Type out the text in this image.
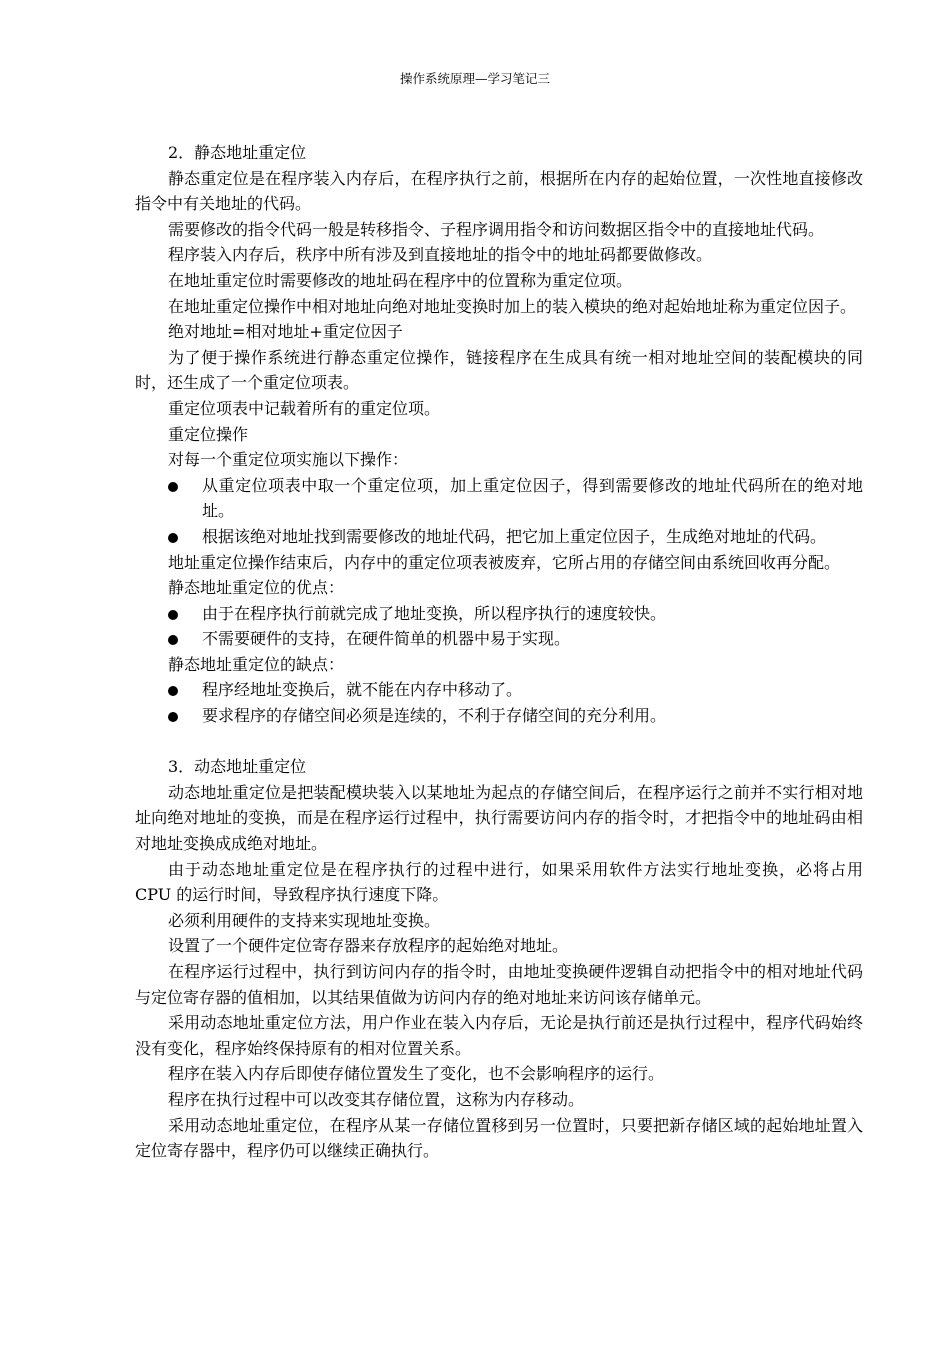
操作系统原理—学习笔记三

2．静态地址重定位

静态重定位是在程序装入内存后，在程序执行之前，根据所在内存的起始位置，一次性地直接修改指令中有关地址的代码。

需要修改的指令代码一般是转移指令、子程序调用指令和访问数据区指令中的直接地址代码。

程序装入内存后，秩序中所有涉及到直接地址的指令中的地址码都要做修改。

在地址重定位时需要修改的地址码在程序中的位置称为重定位项。

在地址重定位操作中相对地址向绝对地址变换时加上的装入模块的绝对起始地址称为重定位因子。

绝对地址=相对地址+重定位因子

为了便于操作系统进行静态重定位操作，链接程序在生成具有统一相对地址空间的装配模块的同时，还生成了一个重定位项表。

重定位项表中记载着所有的重定位项。

重定位操作

对每一个重定位项实施以下操作：

从重定位项表中取一个重定位项，加上重定位因子，得到需要修改的地址代码所在的绝对地址。

根据该绝对地址找到需要修改的地址代码，把它加上重定位因子，生成绝对地址的代码。

地址重定位操作结束后，内存中的重定位项表被废弃，它所占用的存储空间由系统回收再分配。

静态地址重定位的优点：

由于在程序执行前就完成了地址变换，所以程序执行的速度较快。

不需要硬件的支持，在硬件简单的机器中易于实现。

静态地址重定位的缺点：

程序经地址变换后，就不能在内存中移动了。

要求程序的存储空间必须是连续的，不利于存储空间的充分利用。

3．动态地址重定位

动态地址重定位是把装配模块装入以某地址为起点的存储空间后，在程序运行之前并不实行相对地址向绝对地址的变换，而是在程序运行过程中，执行需要访问内存的指令时，才把指令中的地址码由相对地址变换成成绝对地址。

由于动态地址重定位是在程序执行的过程中进行，如果采用软件方法实行地址变换，必将占用 CPU 的运行时间，导致程序执行速度下降。

必须利用硬件的支持来实现地址变换。

设置了一个硬件定位寄存器来存放程序的起始绝对地址。

在程序运行过程中，执行到访问内存的指令时，由地址变换硬件逻辑自动把指令中的相对地址代码与定位寄存器的值相加，以其结果值做为访问内存的绝对地址来访问该存储单元。

采用动态地址重定位方法，用户作业在装入内存后，无论是执行前还是执行过程中，程序代码始终没有变化，程序始终保持原有的相对位置关系。

程序在装入内存后即使存储位置发生了变化，也不会影响程序的运行。

程序在执行过程中可以改变其存储位置，这称为内存移动。

采用动态地址重定位，在程序从某一存储位置移到另一位置时，只要把新存储区域的起始地址置入定位寄存器中，程序仍可以继续正确执行。
